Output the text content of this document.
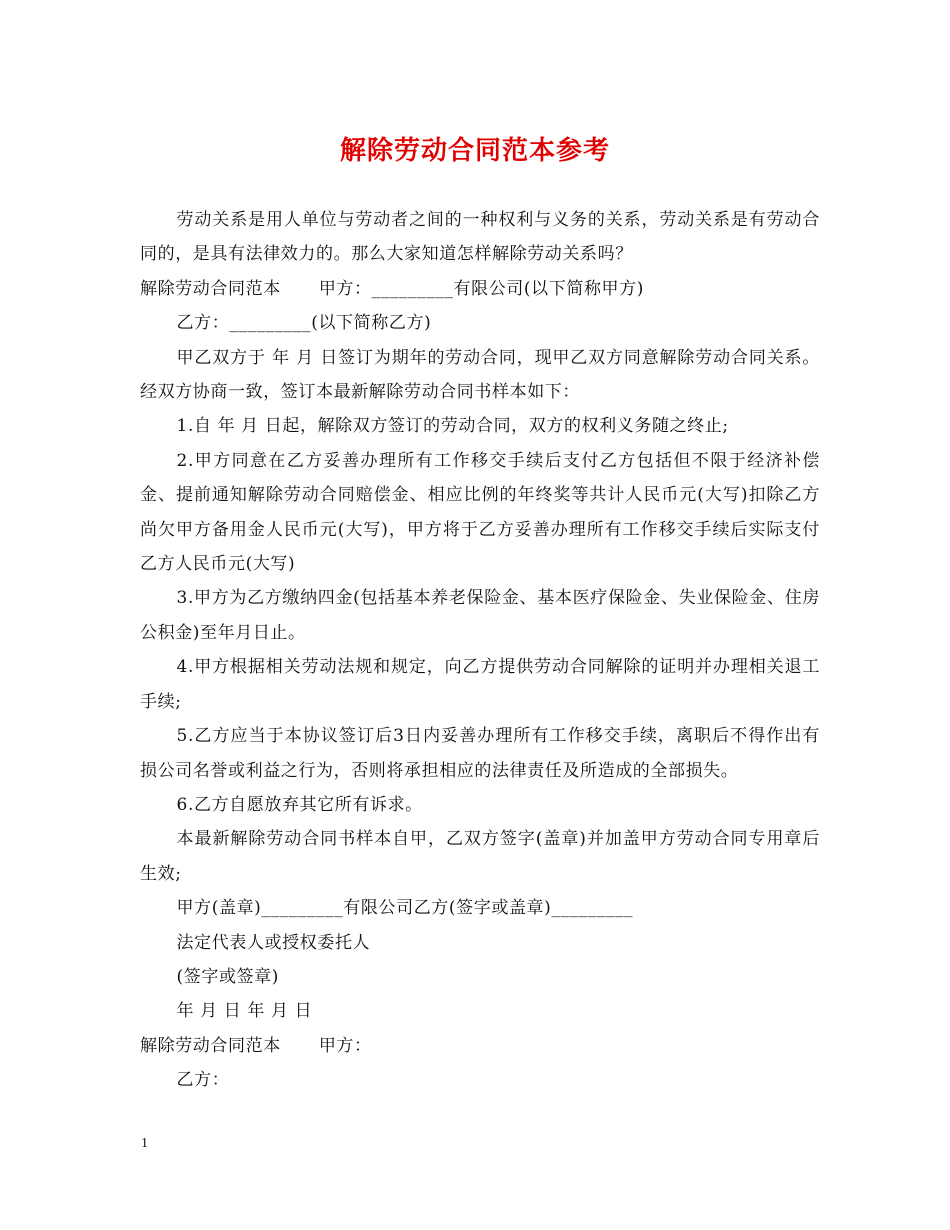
解除劳动合同范本参考

劳动关系是用人单位与劳动者之间的一种权利与义务的关系，劳动关系是有劳动合同的，是具有法律效力的。那么大家知道怎样解除劳动关系吗？

解除劳动合同范本 甲方：_________有限公司(以下简称甲方)

乙方：_________(以下简称乙方)

甲乙双方于 年 月 日签订为期年的劳动合同，现甲乙双方同意解除劳动合同关系。经双方协商一致，签订本最新解除劳动合同书样本如下：

1.自 年 月 日起，解除双方签订的劳动合同，双方的权利义务随之终止;

2.甲方同意在乙方妥善办理所有工作移交手续后支付乙方包括但不限于经济补偿金、提前通知解除劳动合同赔偿金、相应比例的年终奖等共计人民币元(大写)扣除乙方尚欠甲方备用金人民币元(大写)，甲方将于乙方妥善办理所有工作移交手续后实际支付乙方人民币元(大写)

3.甲方为乙方缴纳四金(包括基本养老保险金、基本医疗保险金、失业保险金、住房公积金)至年月日止。

4.甲方根据相关劳动法规和规定，向乙方提供劳动合同解除的证明并办理相关退工手续;

5.乙方应当于本协议签订后3日内妥善办理所有工作移交手续，离职后不得作出有损公司名誉或利益之行为，否则将承担相应的法律责任及所造成的全部损失。

6.乙方自愿放弃其它所有诉求。

本最新解除劳动合同书样本自甲，乙双方签字(盖章)并加盖甲方劳动合同专用章后生效;

甲方(盖章)_________有限公司乙方(签字或盖章)_________

法定代表人或授权委托人

(签字或签章)

年 月 日 年 月 日

解除劳动合同范本 甲方：

乙方：

1
